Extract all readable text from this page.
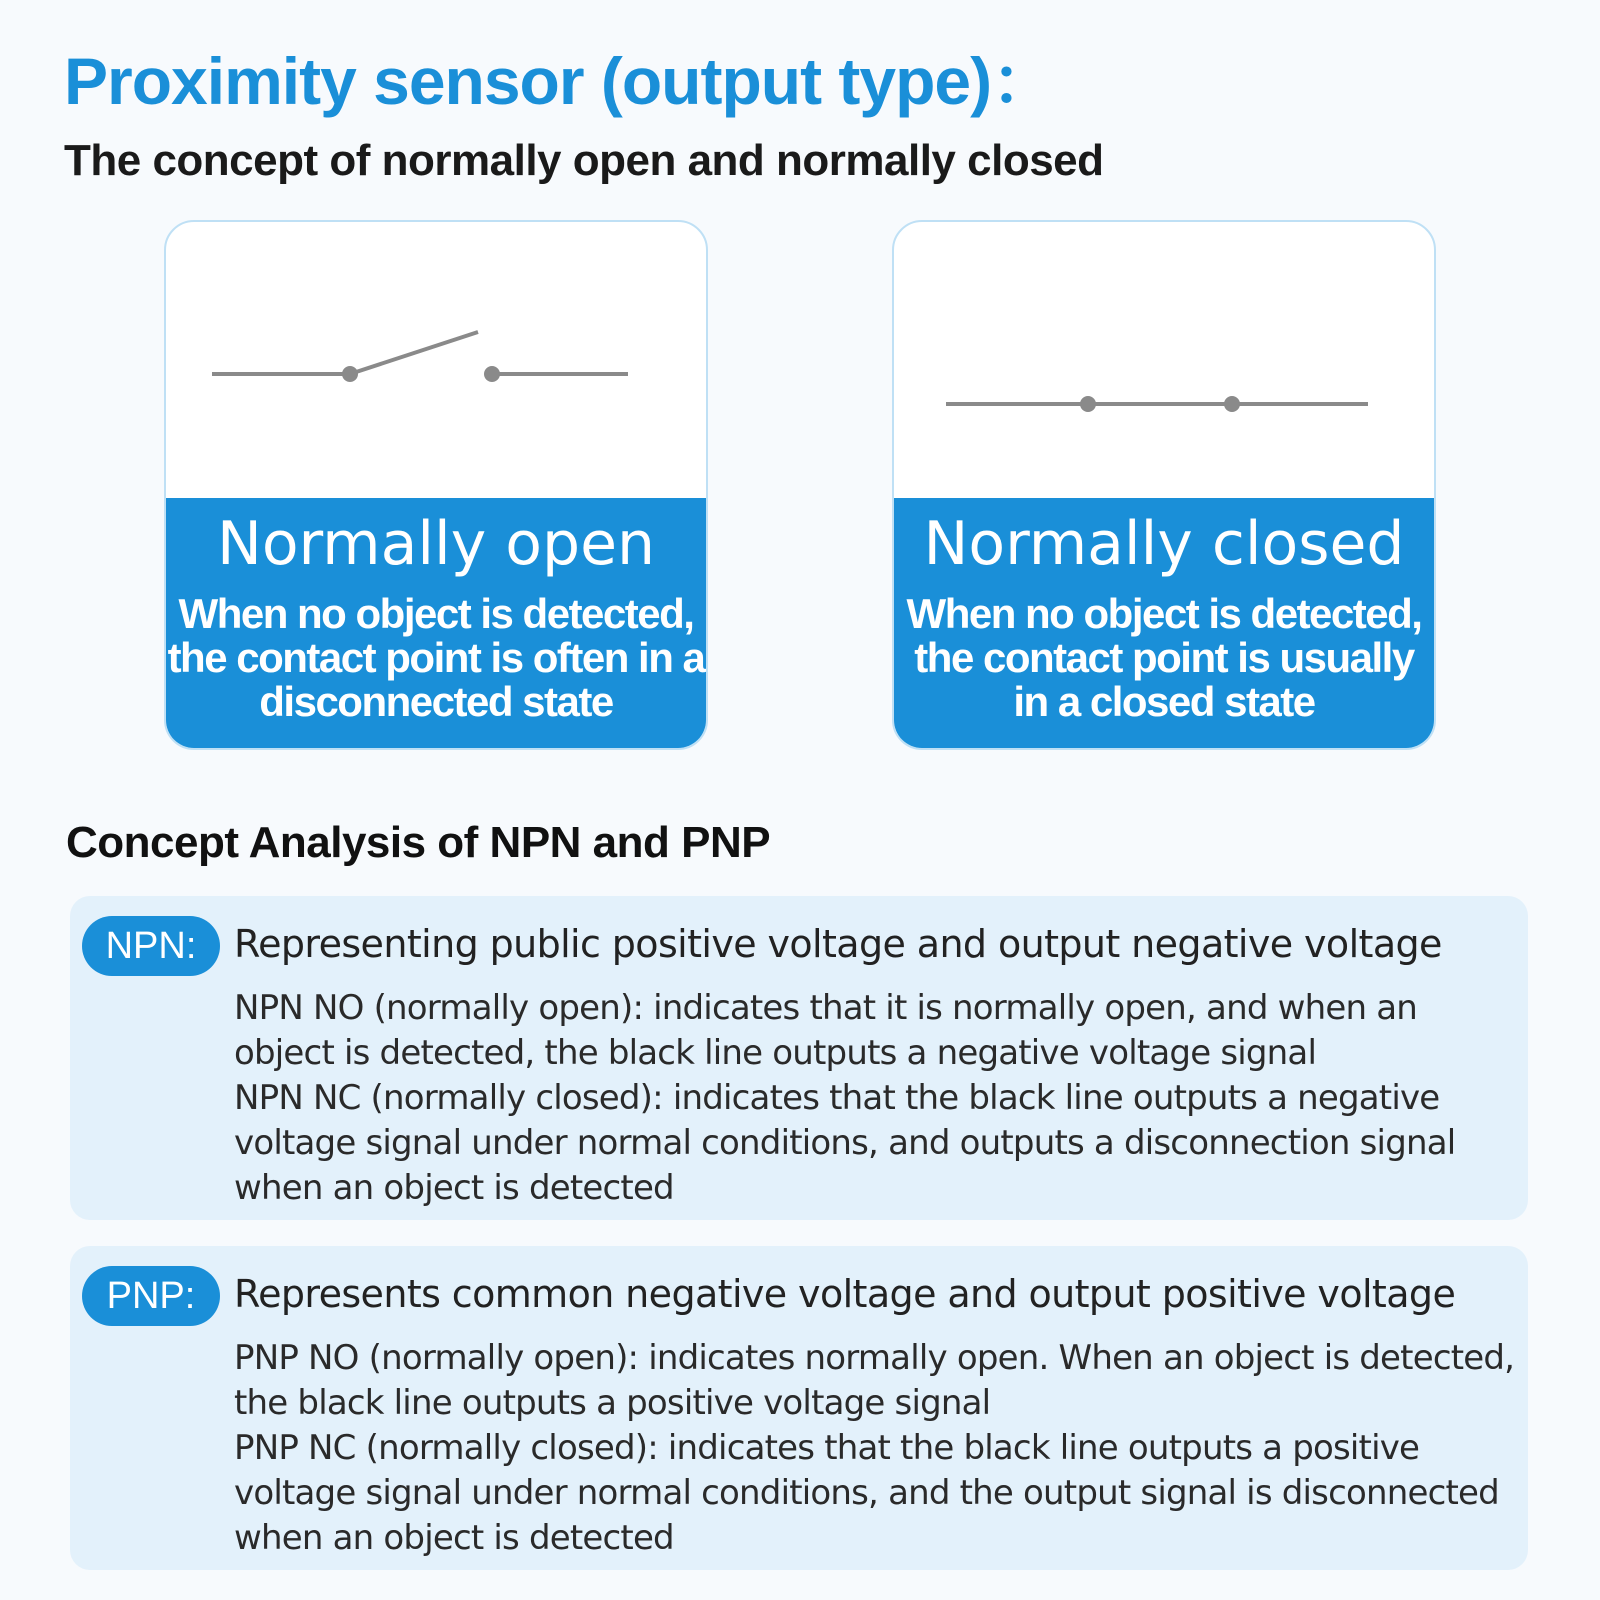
Proximity sensor (output type)：
The concept of normally open and normally closed
Normally open
When no object is detected, the contact point is often in a disconnected state
Normally closed
When no object is detected, the contact point is usually in a closed state
Concept Analysis of NPN and PNP
NPN: Representing public positive voltage and output negative voltage

NPN NO (normally open): indicates that it is normally open, and when an object is detected, the black line outputs a negative voltage signal

NPN NC (normally closed): indicates that the black line outputs a negative voltage signal under normal conditions, and outputs a disconnection signal when an object is detected

PNP:	Represents common negative voltage and output positive voltage

PNP NO (normally open): indicates normally open. When an object is detected, the black line outputs a positive voltage signal

PNP NC (normally closed): indicates that the black line outputs a positive voltage signal under normal conditions, and the output signal is disconnected when an object is detected
